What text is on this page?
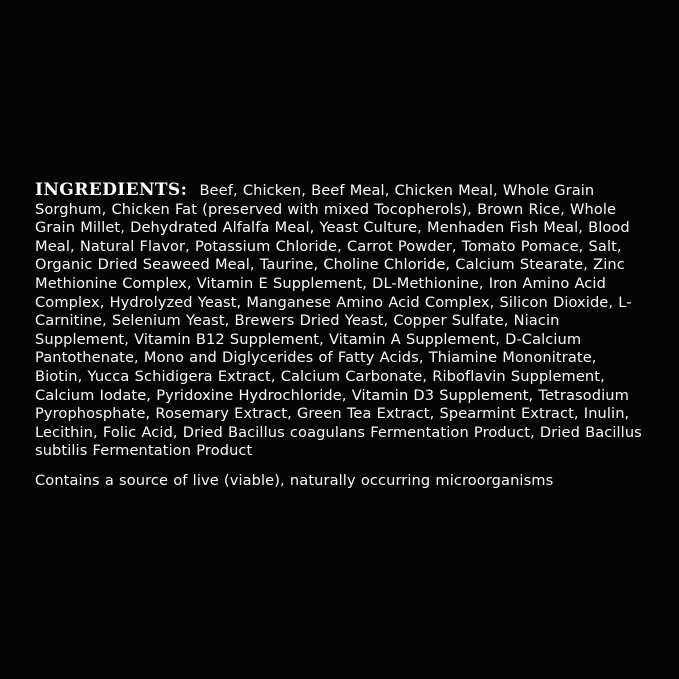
INGREDIENTS: Beef, Chicken, Beef Meal, Chicken Meal, Whole Grain Sorghum, Chicken Fat (preserved with mixed Tocopherols), Brown Rice, Whole Grain Millet, Dehydrated Alfalfa Meal, Yeast Culture, Menhaden Fish Meal, Blood Meal, Natural Flavor, Potassium Chloride, Carrot Powder, Tomato Pomace, Salt, Organic Dried Seaweed Meal, Taurine, Choline Chloride, Calcium Stearate, Zinc Methionine Complex, Vitamin E Supplement, DL-Methionine, Iron Amino Acid Complex, Hydrolyzed Yeast, Manganese Amino Acid Complex, Silicon Dioxide, L-Carnitine, Selenium Yeast, Brewers Dried Yeast, Copper Sulfate, Niacin Supplement, Vitamin B12 Supplement, Vitamin A Supplement, D-Calcium Pantothenate, Mono and Diglycerides of Fatty Acids, Thiamine Mononitrate, Biotin, Yucca Schidigera Extract, Calcium Carbonate, Riboflavin Supplement, Calcium Iodate, Pyridoxine Hydrochloride, Vitamin D3 Supplement, Tetrasodium Pyrophosphate, Rosemary Extract, Green Tea Extract, Spearmint Extract, Inulin, Lecithin, Folic Acid, Dried Bacillus coagulans Fermentation Product, Dried Bacillus subtilis Fermentation Product

Contains a source of live (viable), naturally occurring microorganisms
